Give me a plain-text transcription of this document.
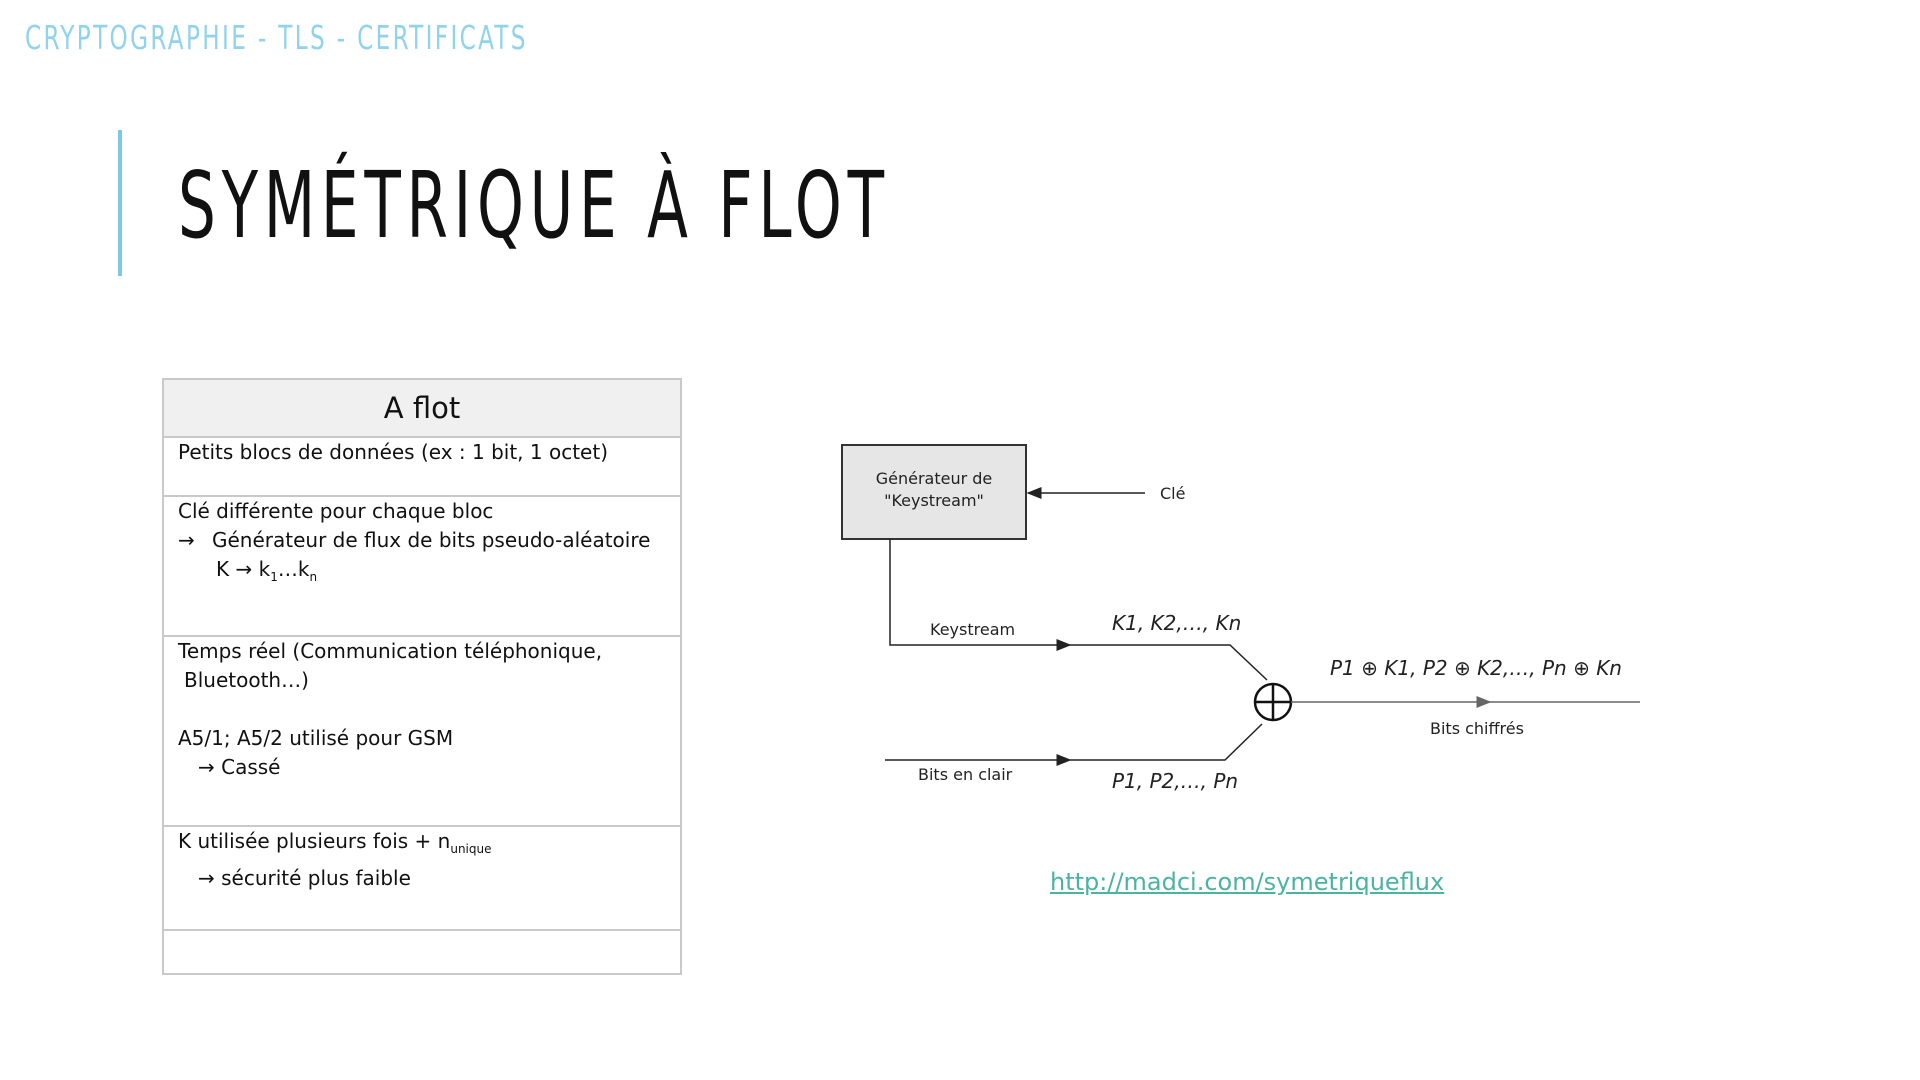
CRYPTOGRAPHIE - TLS - CERTIFICATS
SYMÉTRIQUE À FLOT
A flot
Petits blocs de données (ex : 1 bit, 1 octet)

Clé différente pour chaque bloc
→ Générateur de flux de bits pseudo-aléatoire
$K \to k_1\dots k_n$

Temps réel (Communication téléphonique,
Bluetooth…)
A5/1; A5/2 utilisé pour GSM
→ Cassé

K utilisée plusieurs fois + $n_{unique}$
→ sécurité plus faible

Générateur de
"Keystream"	Clé
Keystream	K1, K2,…, Kn
Bits en clair	P1, P2,…, Pn
P1 ⊕ K1, P2 ⊕ K2,…, Pn ⊕ Kn
Bits chiffrés
http://madci.com/symetriqueflux
